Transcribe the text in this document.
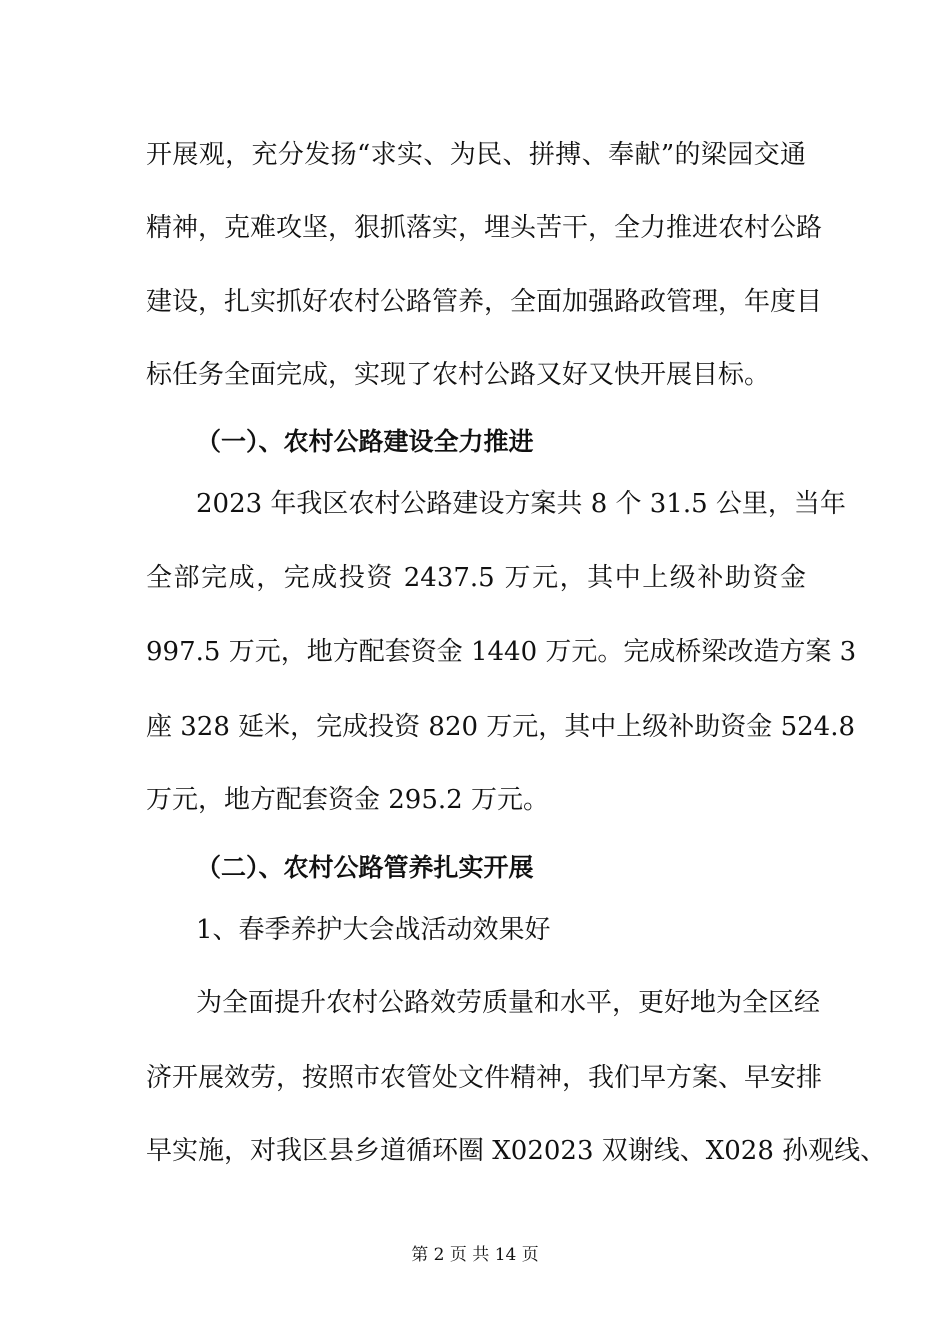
开展观，充分发扬“求实、为民、拼搏、奉献”的梁园交通
精神，克难攻坚，狠抓落实，埋头苦干，全力推进农村公路
建设，扎实抓好农村公路管养，全面加强路政管理，年度目
标任务全面完成，实现了农村公路又好又快开展目标。
（一）、农村公路建设全力推进
2023 年我区农村公路建设方案共 8 个 31.5 公里，当年
全部完成，完成投资 2437.5 万元，其中上级补助资金
997.5 万元，地方配套资金 1440 万元。完成桥梁改造方案 3
座 328 延米，完成投资 820 万元，其中上级补助资金 524.8
万元，地方配套资金 295.2 万元。
（二）、农村公路管养扎实开展
1、春季养护大会战活动效果好
为全面提升农村公路效劳质量和水平，更好地为全区经
济开展效劳，按照市农管处文件精神，我们早方案、早安排
早实施，对我区县乡道循环圈 X02023 双谢线、X028 孙观线、
第 2 页 共 14 页
